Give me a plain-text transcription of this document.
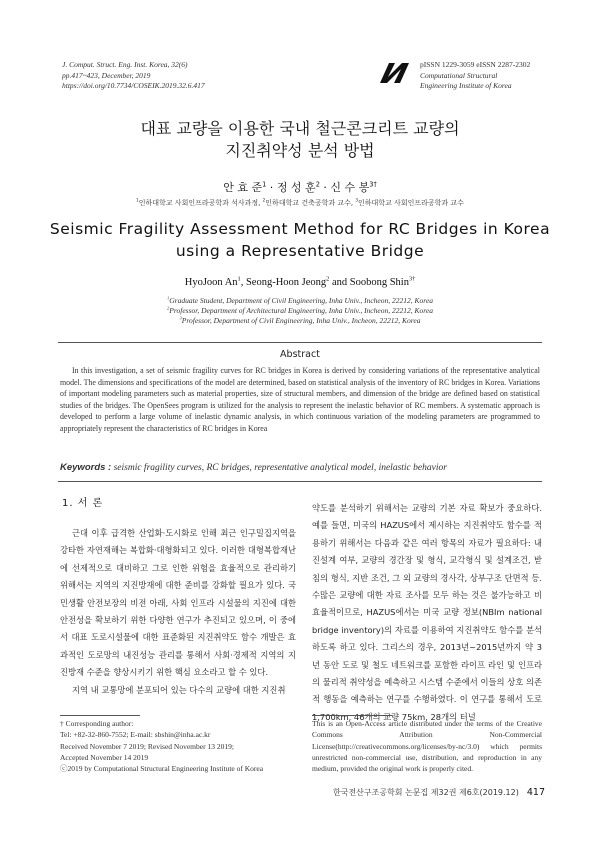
J. Comput. Struct. Eng. Inst. Korea, 32(6)
pp.417~423, December, 2019
https://doi.org/10.7734/COSEIK.2019.32.6.417
pISSN 1229-3059 eISSN 2287-2302
Computational Structural
Engineering Institute of Korea
대표 교량을 이용한 국내 철근콘크리트 교량의
지진취약성 분석 방법
안 효 준$^1$ · 정 성 훈$^2$ · 신 수 봉$^{3\dagger}$
$^1$인하대학교 사회인프라공학과 석사과정, $^2$인하대학교 건축공학과 교수, $^3$인하대학교 사회인프라공학과 교수
Seismic Fragility Assessment Method for RC Bridges in Korea
using a Representative Bridge
HyoJoon An$^1$, Seong-Hoon Jeong$^2$ and Soobong Shin$^{3\dagger}$
$^1$Graduate Student, Department of Civil Engineering, Inha Univ., Incheon, 22212, Korea
$^2$Professor, Department of Architectural Engineering, Inha Univ., Incheon, 22212, Korea
$^3$Professor, Department of Civil Engineering, Inha Univ., Incheon, 22212, Korea
Abstract
In this investigation, a set of seismic fragility curves for RC bridges in Korea is derived by considering variations of the representative analytical model. The dimensions and specifications of the model are determined, based on statistical analysis of the inventory of RC bridges in Korea. Variations of important modeling parameters such as material properties, size of structural members, and dimension of the bridge are defined based on statistical studies of the bridges. The OpenSees program is utilized for the analysis to represent the inelastic behavior of RC members. A systematic approach is developed to perform a large volume of inelastic dynamic analysis, in which continuous variation of the modeling parameters are programmed to appropriately represent the characteristics of RC bridges in Korea
Keywords : seismic fragility curves, RC bridges, representative analytical model, inelastic behavior
1. 서 론

근대 이후 급격한 산업화·도시화로 인해 최근 인구밀집지역을 강타한 자연재해는 복합화·대형화되고 있다. 이러한 대형복합재난에 선제적으로 대비하고 그로 인한 위험을 효율적으로 관리하기 위해서는 지역의 지진방재에 대한 준비를 강화할 필요가 있다. 국민생활 안전보장의 비전 아래, 사회 인프라 시설물의 지진에 대한 안전성을 확보하기 위한 다양한 연구가 추진되고 있으며, 이 중에서 대표 도로시설물에 대한 표준화된 지진취약도 함수 개발은 효과적인 도로망의 내진성능 관리를 통해서 사회·경제적 지역의 지진방재 수준을 향상시키기 위한 핵심 요소라고 할 수 있다.

지역 내 교통망에 분포되어 있는 다수의 교량에 대한 지진취

약도를 분석하기 위해서는 교량의 기본 자료 확보가 중요하다. 예를 들면, 미국의 HAZUS에서 제시하는 지진취약도 함수를 적용하기 위해서는 다음과 같은 여러 항목의 자료가 필요하다: 내진설계 여부, 교량의 경간장 및 형식, 교각형식 및 설계조건, 받침의 형식, 지반 조건, 그 외 교량의 경사각, 상부구조 단면적 등. 수많은 교량에 대한 자료 조사를 모두 하는 것은 불가능하고 비효율적이므로, HAZUS에서는 미국 교량 정보(NBIm national bridge inventory)의 자료를 이용하여 지진취약도 함수를 분석하도록 하고 있다. 그리스의 경우, 2013년~2015년까지 약 3년 동안 도로 및 철도 네트워크를 포함한 라이프 라인 및 인프라의 물리적 취약성을 예측하고 시스템 수준에서 이들의 상호 의존적 행동을 예측하는 연구를 수행하였다. 이 연구를 통해서 도로 1,700km, 46개의 교량 75km, 28개의 터널

† Corresponding author:
Tel: +82-32-860-7552; E-mail: sbshin@inha.ac.kr
Received November 7 2019; Revised November 13 2019;
Accepted November 14 2019
ⓒ2019 by Computational Structural Engineering Institute of Korea
This is an Open-Access article distributed under the terms of the Creative Commons Attribution Non-Commercial License(http://creativecommons.org/licenses/by-nc/3.0) which permits unrestricted non-commercial use, distribution, and reproduction in any medium, provided the original work is properly cited.
한국전산구조공학회 논문집 제32권 제6호(2019.12) 417
